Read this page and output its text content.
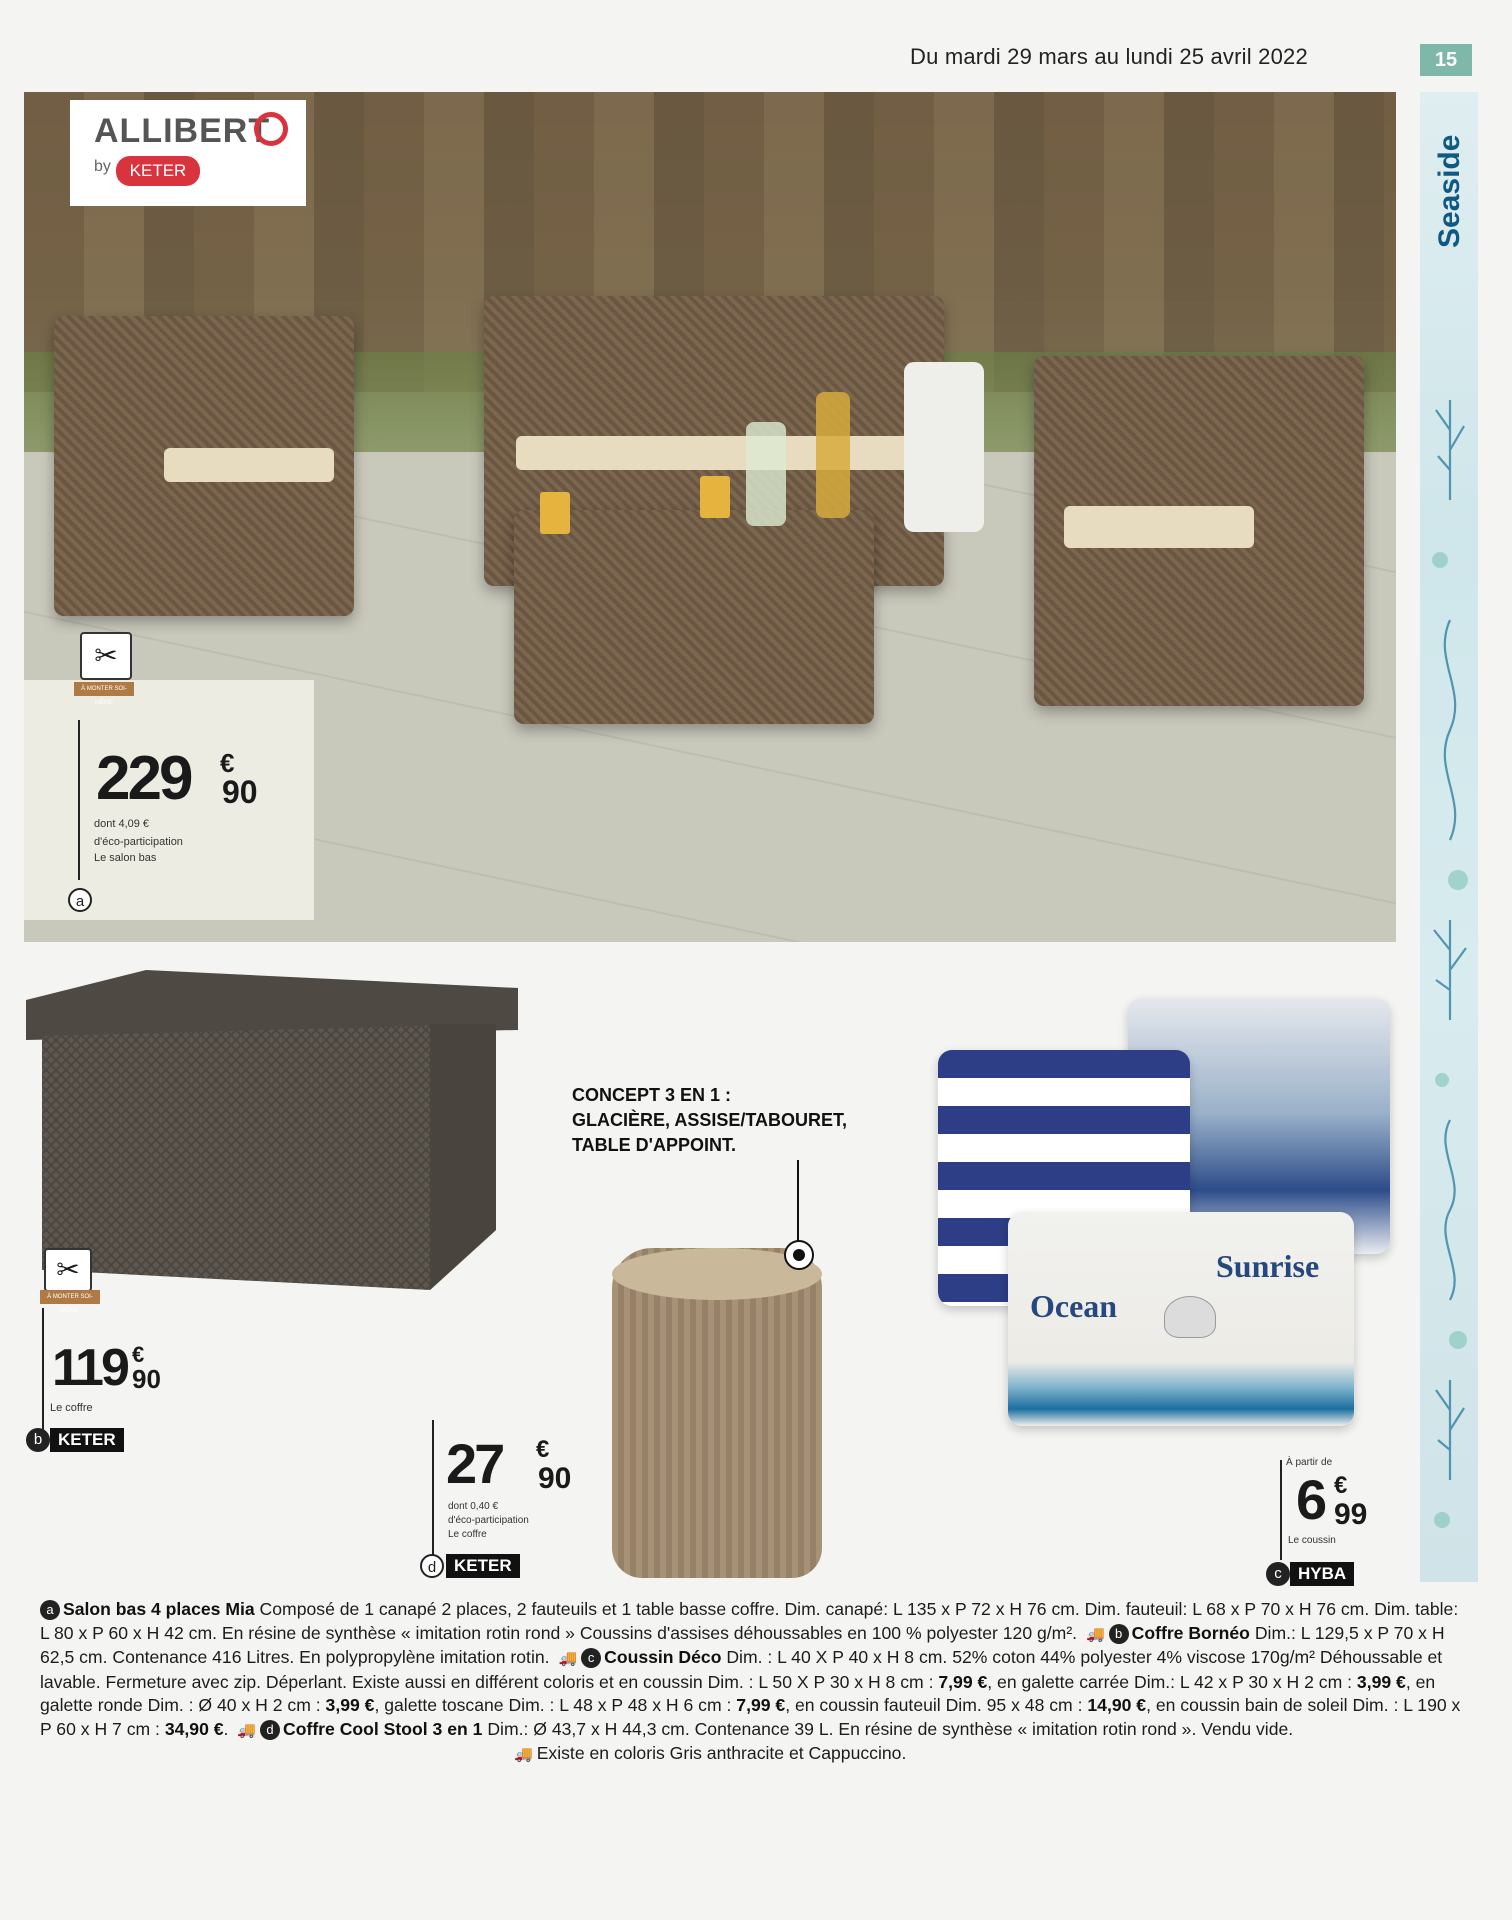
Du mardi 29 mars au lundi 25 avril 2022	15
Seaside
ALLIBERT
by	KETER
✂
À MONTER SOI-MÊME
229 €
90
dont 4,09 €
d'éco-participation
Le salon bas
a
✂
À MONTER SOI-MÊME
119 €
90
Le coffre
b KETER
CONCEPT 3 EN 1 :
GLACIÈRE, ASSISE/TABOURET,
TABLE D'APPOINT.
27 €
90
dont 0,40 €
d'éco-participation
Le coffre
d	KETER
Ocean
Sunrise
À partir de
6 €
99
Le coussin
c HYBA
a Salon bas 4 places Mia Composé de 1 canapé 2 places, 2 fauteuils et 1 table basse coffre. Dim. canapé: L 135 x P 72 x H 76 cm. Dim. fauteuil: L 68 x P 70 x H 76 cm. Dim. table: L 80 x P 60 x H 42 cm. En résine de synthèse « imitation rotin rond » Coussins d'assises déhoussables en 100 % polyester 120 g/m². 🚚 b Coffre Bornéo Dim.: L 129,5 x P 70 x H 62,5 cm. Contenance 416 Litres. En polypropylène imitation rotin. 🚚 c Coussin Déco Dim. : L 40 X P 40 x H 8 cm. 52% coton 44% polyester 4% viscose 170g/m² Déhoussable et lavable. Fermeture avec zip. Déperlant. Existe aussi en différent coloris et en coussin Dim. : L 50 X P 30 x H 8 cm : 7,99 €, en galette carrée Dim.: L 42 x P 30 x H 2 cm : 3,99 €, en galette ronde Dim. : Ø 40 x H 2 cm : 3,99 €, galette toscane Dim. : L 48 x P 48 x H 6 cm : 7,99 €, en coussin fauteuil Dim. 95 x 48 cm : 14,90 €, en coussin bain de soleil Dim. : L 190 x P 60 x H 7 cm : 34,90 €. 🚚 d Coffre Cool Stool 3 en 1 Dim.: Ø 43,7 x H 44,3 cm. Contenance 39 L. En résine de synthèse « imitation rotin rond ». Vendu vide.
🚚 Existe en coloris Gris anthracite et Cappuccino.
